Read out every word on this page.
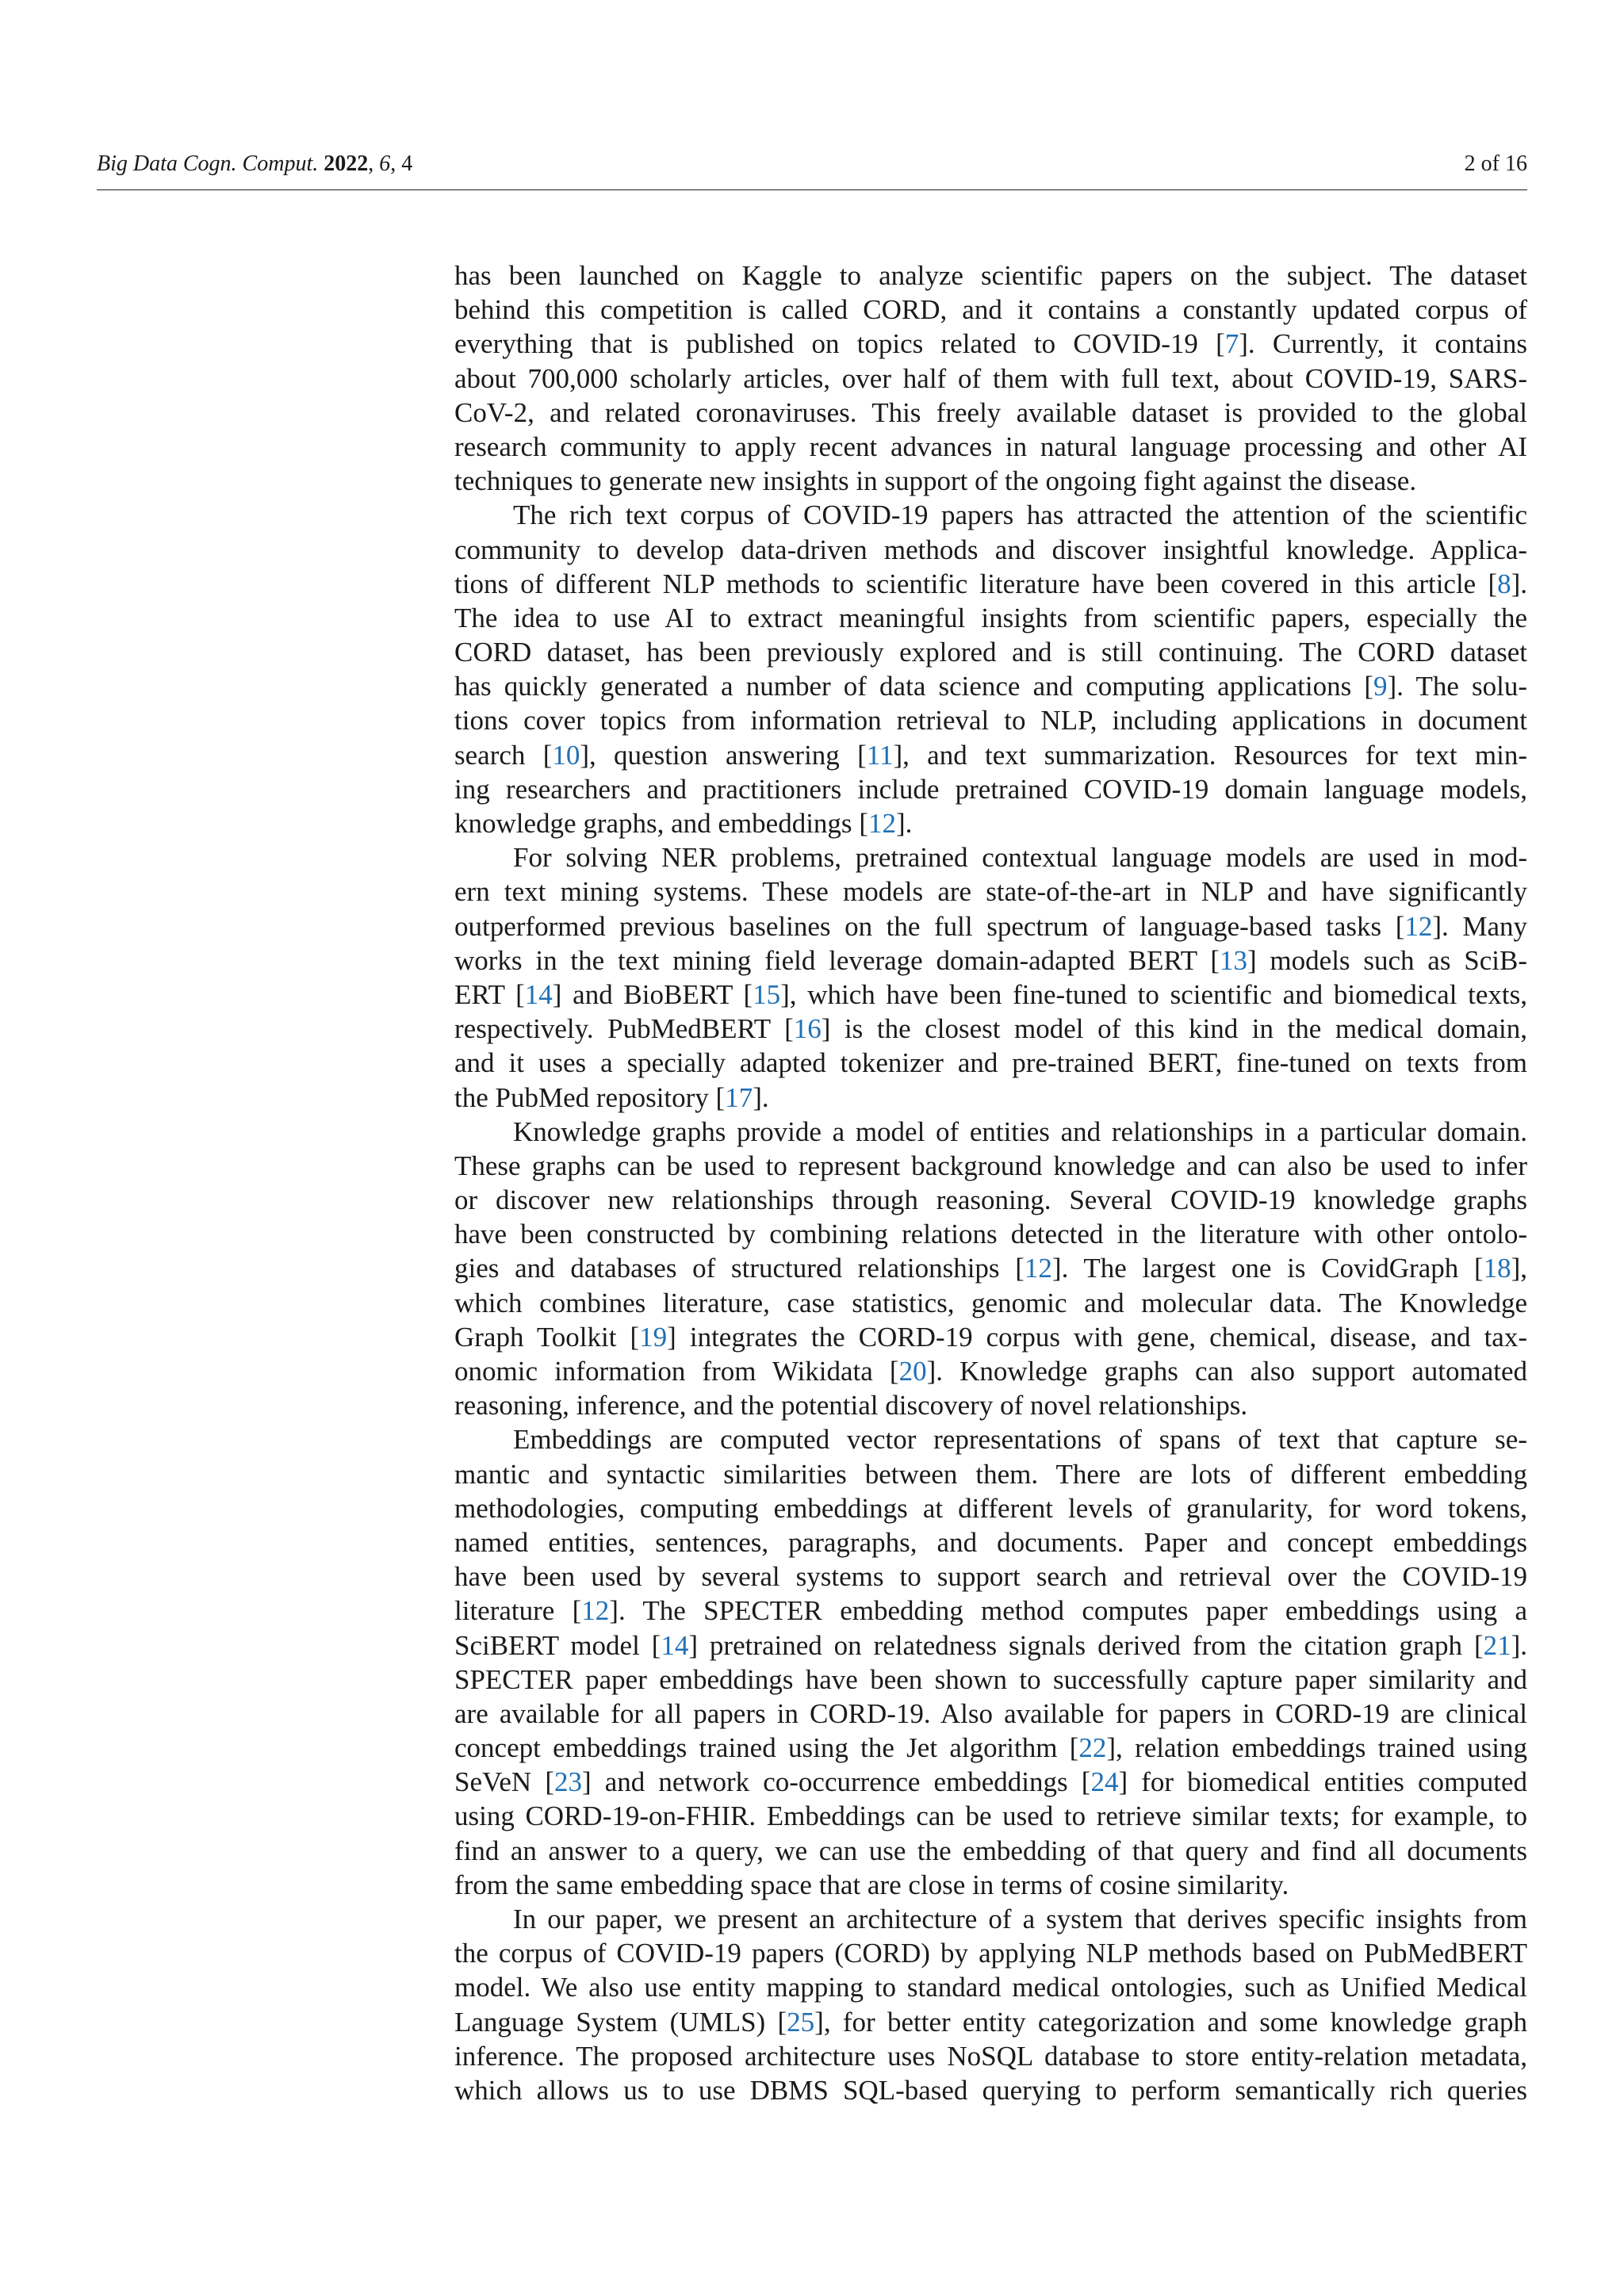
Big Data Cogn. Comput. 2022, 6, 4	2 of 16
has been launched on Kaggle to analyze scientific papers on the subject. The dataset
behind this competition is called CORD, and it contains a constantly updated corpus of
everything that is published on topics related to COVID-19 [7]. Currently, it contains
about 700,000 scholarly articles, over half of them with full text, about COVID-19, SARS-
CoV-2, and related coronaviruses. This freely available dataset is provided to the global
research community to apply recent advances in natural language processing and other AI
techniques to generate new insights in support of the ongoing fight against the disease.
The rich text corpus of COVID-19 papers has attracted the attention of the scientific
community to develop data-driven methods and discover insightful knowledge. Applica-
tions of different NLP methods to scientific literature have been covered in this article [8].
The idea to use AI to extract meaningful insights from scientific papers, especially the
CORD dataset, has been previously explored and is still continuing. The CORD dataset
has quickly generated a number of data science and computing applications [9]. The solu-
tions cover topics from information retrieval to NLP, including applications in document
search [10], question answering [11], and text summarization. Resources for text min-
ing researchers and practitioners include pretrained COVID-19 domain language models,
knowledge graphs, and embeddings [12].
For solving NER problems, pretrained contextual language models are used in mod-
ern text mining systems. These models are state-of-the-art in NLP and have significantly
outperformed previous baselines on the full spectrum of language-based tasks [12]. Many
works in the text mining field leverage domain-adapted BERT [13] models such as SciB-
ERT [14] and BioBERT [15], which have been fine-tuned to scientific and biomedical texts,
respectively. PubMedBERT [16] is the closest model of this kind in the medical domain,
and it uses a specially adapted tokenizer and pre-trained BERT, fine-tuned on texts from
the PubMed repository [17].
Knowledge graphs provide a model of entities and relationships in a particular domain.
These graphs can be used to represent background knowledge and can also be used to infer
or discover new relationships through reasoning. Several COVID-19 knowledge graphs
have been constructed by combining relations detected in the literature with other ontolo-
gies and databases of structured relationships [12]. The largest one is CovidGraph [18],
which combines literature, case statistics, genomic and molecular data. The Knowledge
Graph Toolkit [19] integrates the CORD-19 corpus with gene, chemical, disease, and tax-
onomic information from Wikidata [20]. Knowledge graphs can also support automated
reasoning, inference, and the potential discovery of novel relationships.
Embeddings are computed vector representations of spans of text that capture se-
mantic and syntactic similarities between them. There are lots of different embedding
methodologies, computing embeddings at different levels of granularity, for word tokens,
named entities, sentences, paragraphs, and documents. Paper and concept embeddings
have been used by several systems to support search and retrieval over the COVID-19
literature [12]. The SPECTER embedding method computes paper embeddings using a
SciBERT model [14] pretrained on relatedness signals derived from the citation graph [21].
SPECTER paper embeddings have been shown to successfully capture paper similarity and
are available for all papers in CORD-19. Also available for papers in CORD-19 are clinical
concept embeddings trained using the Jet algorithm [22], relation embeddings trained using
SeVeN [23] and network co-occurrence embeddings [24] for biomedical entities computed
using CORD-19-on-FHIR. Embeddings can be used to retrieve similar texts; for example, to
find an answer to a query, we can use the embedding of that query and find all documents
from the same embedding space that are close in terms of cosine similarity.
In our paper, we present an architecture of a system that derives specific insights from
the corpus of COVID-19 papers (CORD) by applying NLP methods based on PubMedBERT
model. We also use entity mapping to standard medical ontologies, such as Unified Medical
Language System (UMLS) [25], for better entity categorization and some knowledge graph
inference. The proposed architecture uses NoSQL database to store entity-relation metadata,
which allows us to use DBMS SQL-based querying to perform semantically rich queries
